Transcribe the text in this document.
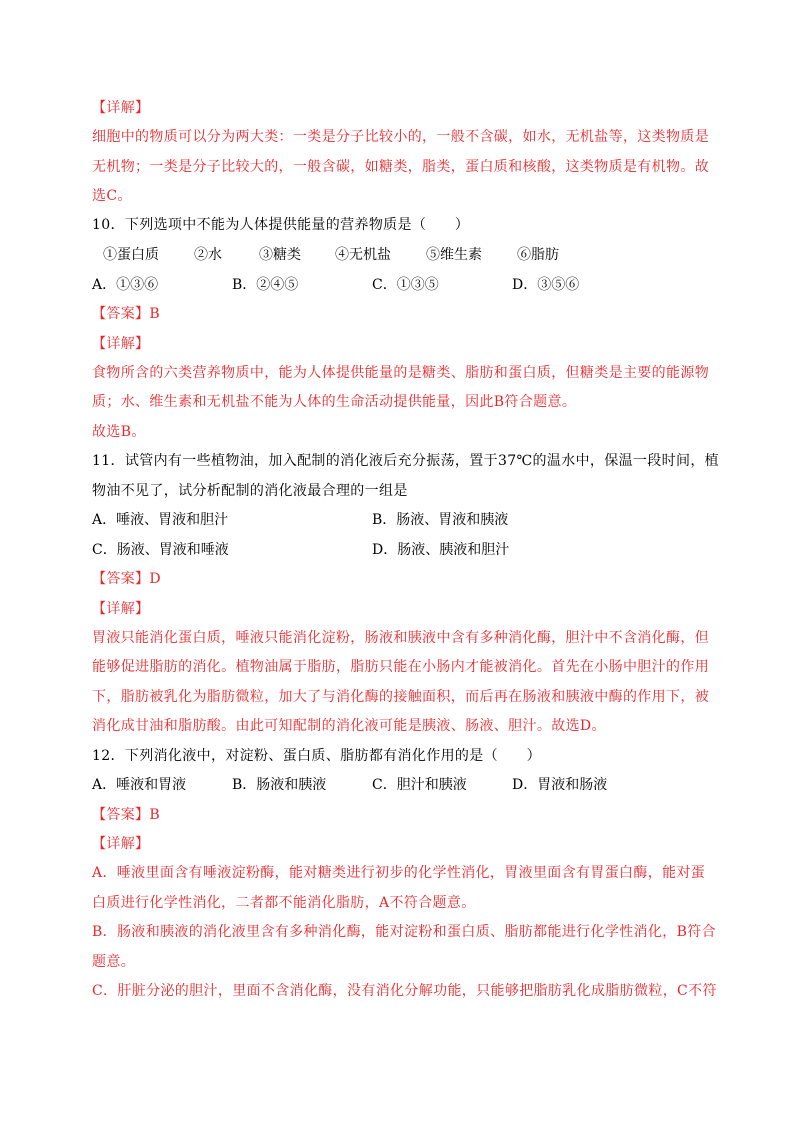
【详解】
细胞中的物质可以分为两大类：一类是分子比较小的，一般不含碳，如水，无机盐等，这类物质是
无机物；一类是分子比较大的，一般含碳，如糖类，脂类，蛋白质和核酸，这类物质是有机物。故
选C。
10．下列选项中不能为人体提供能量的营养物质是（　　）
①蛋白质	②水	③糖类 ④无机盐	⑤维生素	⑥脂肪
A．①③⑥	B．②④⑤	C．①③⑤	D．③⑤⑥
【答案】B
【详解】
食物所含的六类营养物质中，能为人体提供能量的是糖类、脂肪和蛋白质，但糖类是主要的能源物
质；水、维生素和无机盐不能为人体的生命活动提供能量，因此B符合题意。
故选B。
11．试管内有一些植物油，加入配制的消化液后充分振荡，置于37℃的温水中，保温一段时间，植
物油不见了，试分析配制的消化液最合理的一组是
A．唾液、胃液和胆汁	B．肠液、胃液和胰液
C．肠液、胃液和唾液	D．肠液、胰液和胆汁
【答案】D
【详解】
胃液只能消化蛋白质，唾液只能消化淀粉，肠液和胰液中含有多种消化酶，胆汁中不含消化酶，但
能够促进脂肪的消化。植物油属于脂肪，脂肪只能在小肠内才能被消化。首先在小肠中胆汁的作用
下，脂肪被乳化为脂肪微粒，加大了与消化酶的接触面积，而后再在肠液和胰液中酶的作用下，被
消化成甘油和脂肪酸。由此可知配制的消化液可能是胰液、肠液、胆汁。故选D。
12．下列消化液中，对淀粉、蛋白质、脂肪都有消化作用的是（　　）
A．唾液和胃液	B．肠液和胰液	C．胆汁和胰液	D．胃液和肠液
【答案】B
【详解】
A．唾液里面含有唾液淀粉酶，能对糖类进行初步的化学性消化，胃液里面含有胃蛋白酶，能对蛋
白质进行化学性消化，二者都不能消化脂肪，A不符合题意。
B．肠液和胰液的消化液里含有多种消化酶，能对淀粉和蛋白质、脂肪都能进行化学性消化，B符合
题意。
C．肝脏分泌的胆汁，里面不含消化酶，没有消化分解功能，只能够把脂肪乳化成脂肪微粒，C不符
